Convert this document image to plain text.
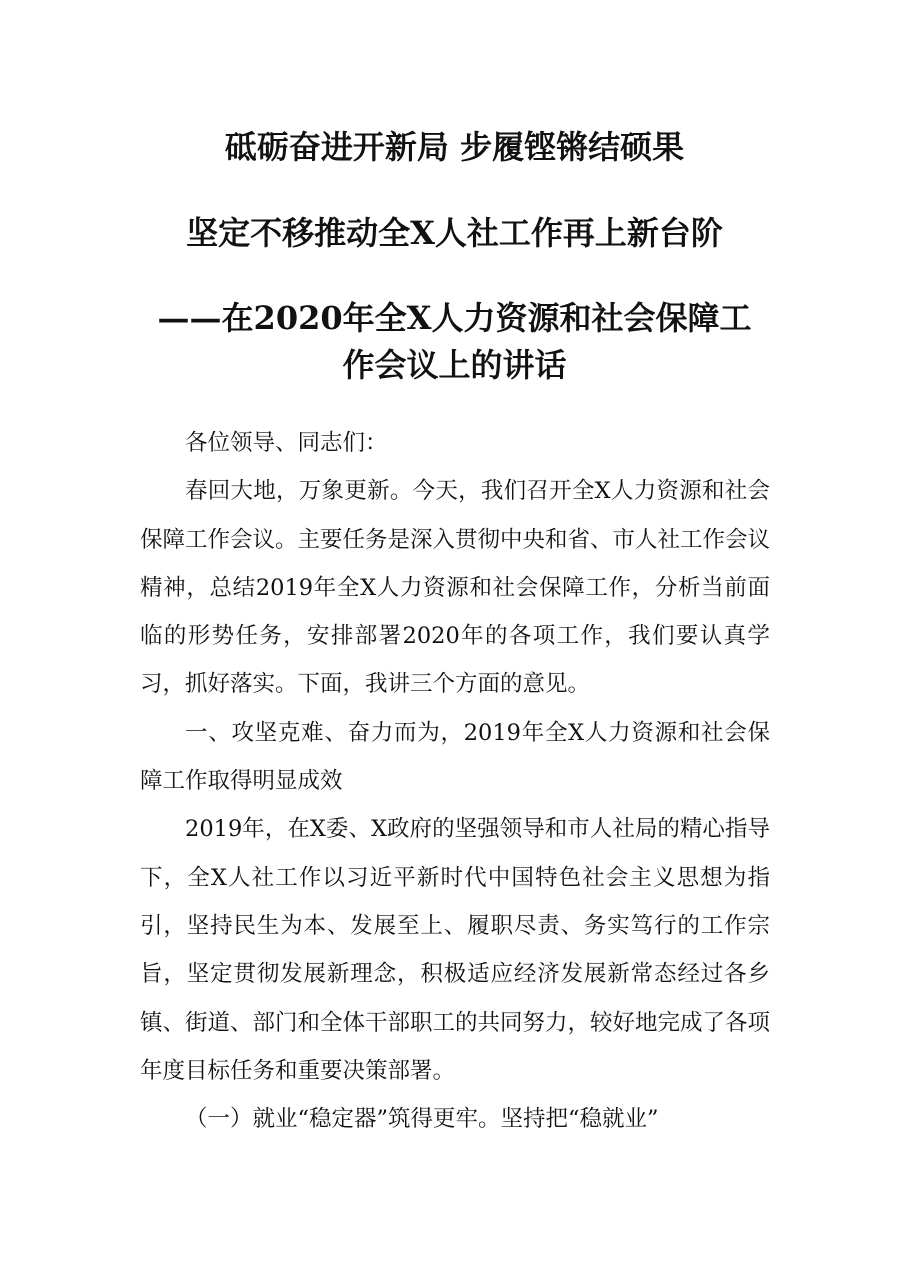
砥砺奋进开新局 步履铿锵结硕果
坚定不移推动全X人社工作再上新台阶
——在2020年全X人力资源和社会保障工
作会议上的讲话

各位领导、同志们：

春回大地，万象更新。今天，我们召开全X人力资源和社会保障工作会议。主要任务是深入贯彻中央和省、市人社工作会议精神，总结2019年全X人力资源和社会保障工作，分析当前面临的形势任务，安排部署2020年的各项工作，我们要认真学习，抓好落实。下面，我讲三个方面的意见。

一、攻坚克难、奋力而为，2019年全X人力资源和社会保障工作取得明显成效

2019年，在X委、X政府的坚强领导和市人社局的精心指导下，全X人社工作以习近平新时代中国特色社会主义思想为指引，坚持民生为本、发展至上、履职尽责、务实笃行的工作宗旨，坚定贯彻发展新理念，积极适应经济发展新常态经过各乡镇、街道、部门和全体干部职工的共同努力，较好地完成了各项年度目标任务和重要决策部署。

（一）就业“稳定器”筑得更牢。坚持把“稳就业”
